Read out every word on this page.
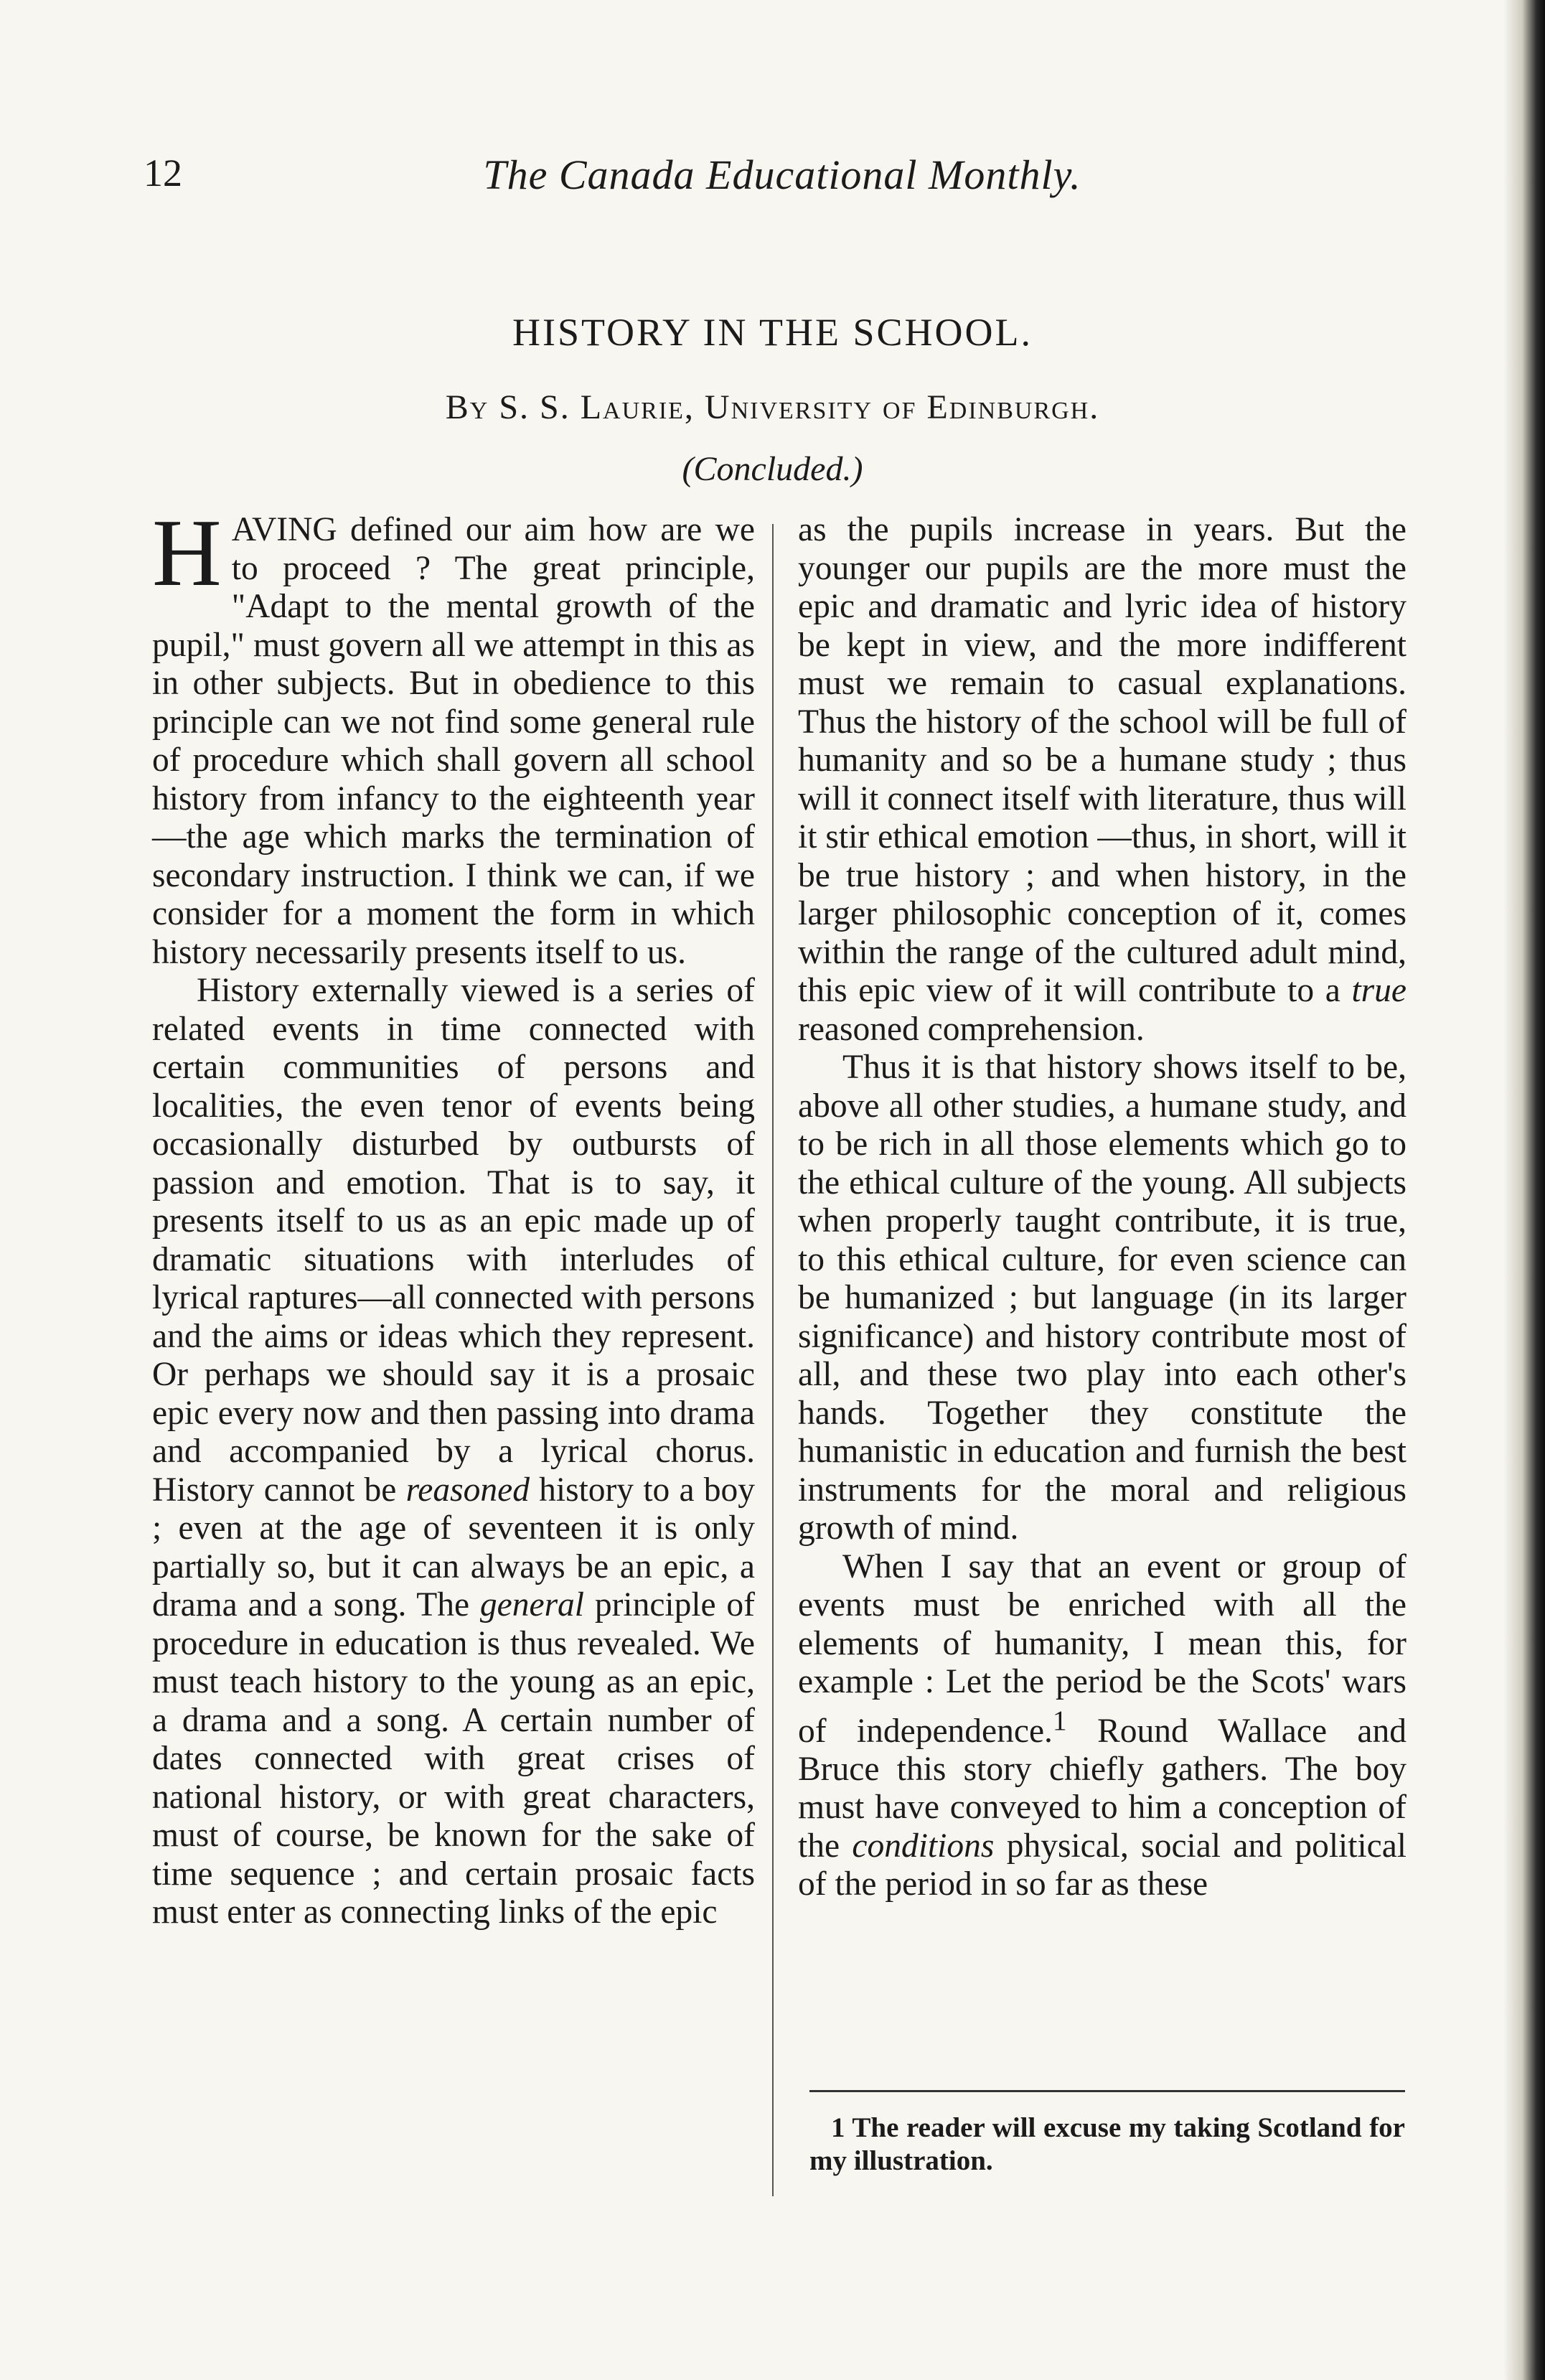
12	The Canada Educational Monthly.
HISTORY IN THE SCHOOL.
By S. S. Laurie, University of Edinburgh.
(Concluded.)

HAVING defined our aim how are we to proceed ? The great principle, "Adapt to the mental growth of the pupil," must govern all we attempt in this as in other subjects. But in obedience to this principle can we not find some general rule of procedure which shall govern all school history from infancy to the eighteenth year—the age which marks the termination of secondary instruction. I think we can, if we consider for a moment the form in which history necessarily presents itself to us.

History externally viewed is a series of related events in time connected with certain communities of persons and localities, the even tenor of events being occasionally disturbed by outbursts of passion and emotion. That is to say, it presents itself to us as an epic made up of dramatic situations with interludes of lyrical raptures—all connected with persons and the aims or ideas which they represent. Or perhaps we should say it is a prosaic epic every now and then passing into drama and accompanied by a lyrical chorus. History cannot be reasoned history to a boy ; even at the age of seventeen it is only partially so, but it can always be an epic, a drama and a song. The general principle of procedure in education is thus revealed. We must teach history to the young as an epic, a drama and a song. A certain number of dates connected with great crises of national history, or with great characters, must of course, be known for the sake of time sequence ; and certain prosaic facts must enter as connecting links of the epic

as the pupils increase in years. But the younger our pupils are the more must the epic and dramatic and lyric idea of history be kept in view, and the more indifferent must we remain to casual explanations. Thus the history of the school will be full of humanity and so be a humane study ; thus will it connect itself with literature, thus will it stir ethical emotion —thus, in short, will it be true history ; and when history, in the larger philosophic conception of it, comes within the range of the cultured adult mind, this epic view of it will contribute to a true reasoned comprehension.

Thus it is that history shows itself to be, above all other studies, a humane study, and to be rich in all those elements which go to the ethical culture of the young. All subjects when properly taught contribute, it is true, to this ethical culture, for even science can be humanized ; but language (in its larger significance) and history contribute most of all, and these two play into each other's hands. Together they constitute the humanistic in education and furnish the best instruments for the moral and religious growth of mind.

When I say that an event or group of events must be enriched with all the elements of humanity, I mean this, for example : Let the period be the Scots' wars of independence.$^1$ Round Wallace and Bruce this story chiefly gathers. The boy must have conveyed to him a conception of the conditions physical, social and political of the period in so far as these

1 The reader will excuse my taking Scotland for my illustration.
